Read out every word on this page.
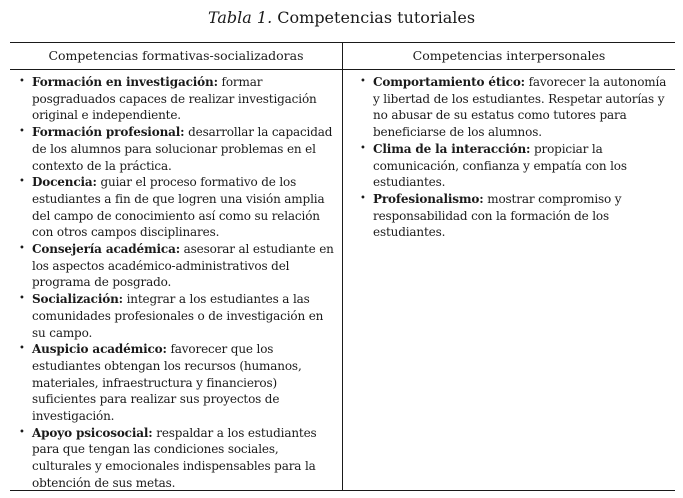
Tabla 1. Competencias tutoriales
Competencias formativas-socializadoras	Competencias interpersonales
• Formación en investigación: formar posgraduados capaces de realizar investigación original e independiente.
• Formación profesional: desarrollar la capacidad de los alumnos para solucionar problemas en el contexto de la práctica.
• Docencia: guiar el proceso formativo de los estudiantes a fin de que logren una visión amplia del campo de conocimiento así como su relación con otros campos disciplinares.
• Consejería académica: asesorar al estudiante en los aspectos académico-administrativos del programa de posgrado.
• Socialización: integrar a los estudiantes a las comunidades profesionales o de investigación en su campo.
• Auspicio académico: favorecer que los estudiantes obtengan los recursos (humanos, materiales, infraestructura y financieros) suficientes para realizar sus proyectos de investigación.
• Apoyo psicosocial: respaldar a los estudiantes para que tengan las condiciones sociales, culturales y emocionales indispensables para la obtención de sus metas.
• Comportamiento ético: favorecer la autonomía y libertad de los estudiantes. Respetar autorías y no abusar de su estatus como tutores para beneficiarse de los alumnos.
• Clima de la interacción: propiciar la comunicación, confianza y empatía con los estudiantes.
• Profesionalismo: mostrar compromiso y responsabilidad con la formación de los estudiantes.
